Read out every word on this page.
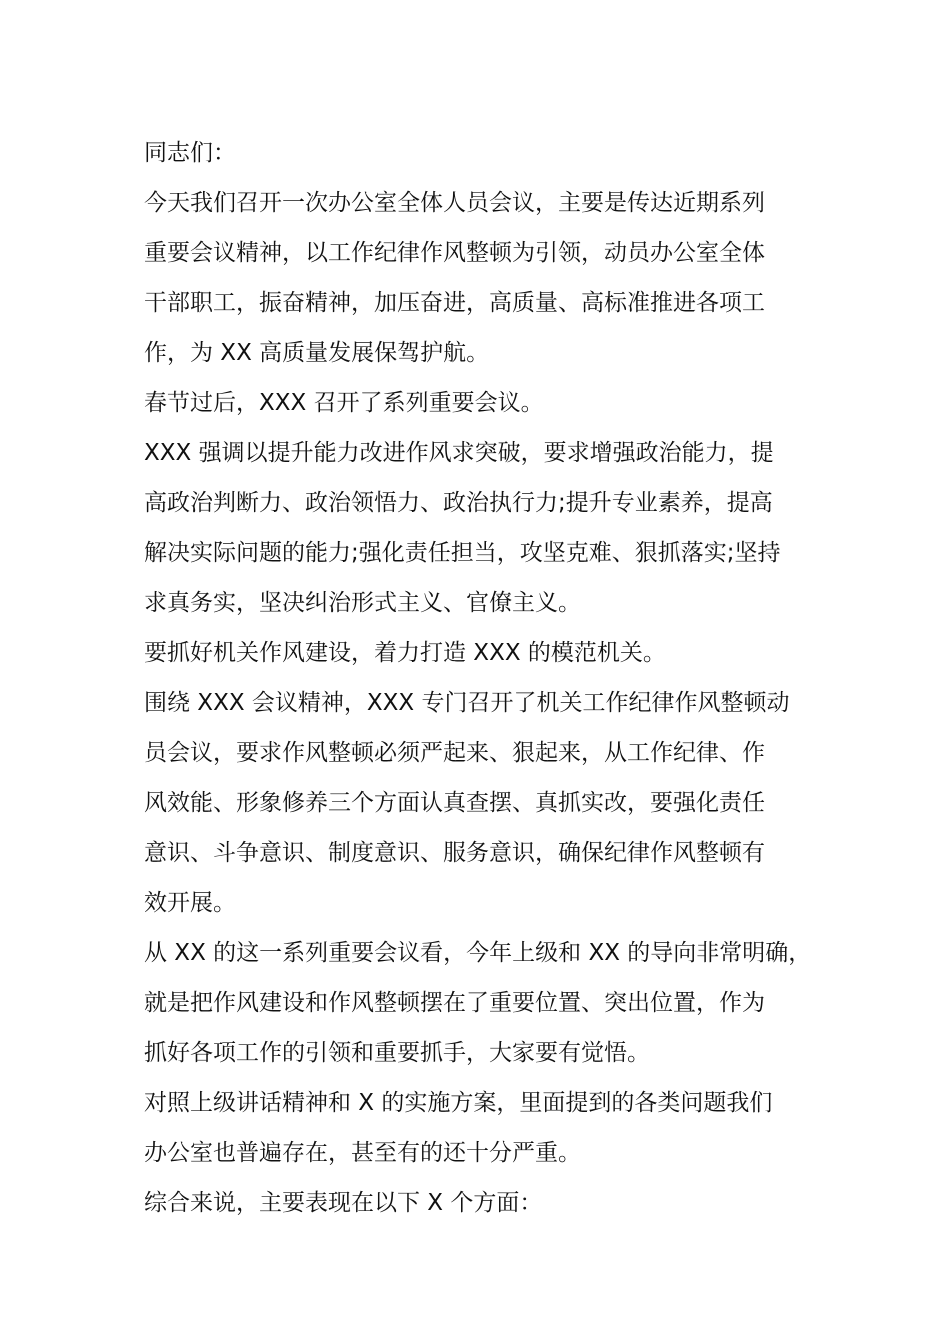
同志们：
今天我们召开一次办公室全体人员会议，主要是传达近期系列
重要会议精神，以工作纪律作风整顿为引领，动员办公室全体
干部职工，振奋精神，加压奋进，高质量、高标准推进各项工
作，为 XX 高质量发展保驾护航。
春节过后，XXX 召开了系列重要会议。
XXX 强调以提升能力改进作风求突破，要求增强政治能力，提
高政治判断力、政治领悟力、政治执行力;提升专业素养，提高
解决实际问题的能力;强化责任担当，攻坚克难、狠抓落实;坚持
求真务实，坚决纠治形式主义、官僚主义。
要抓好机关作风建设，着力打造 XXX 的模范机关。
围绕 XXX 会议精神，XXX 专门召开了机关工作纪律作风整顿动
员会议，要求作风整顿必须严起来、狠起来，从工作纪律、作
风效能、形象修养三个方面认真查摆、真抓实改，要强化责任
意识、斗争意识、制度意识、服务意识，确保纪律作风整顿有
效开展。
从 XX 的这一系列重要会议看，今年上级和 XX 的导向非常明确，
就是把作风建设和作风整顿摆在了重要位置、突出位置，作为
抓好各项工作的引领和重要抓手，大家要有觉悟。
对照上级讲话精神和 X 的实施方案，里面提到的各类问题我们
办公室也普遍存在，甚至有的还十分严重。
综合来说，主要表现在以下 X 个方面：
